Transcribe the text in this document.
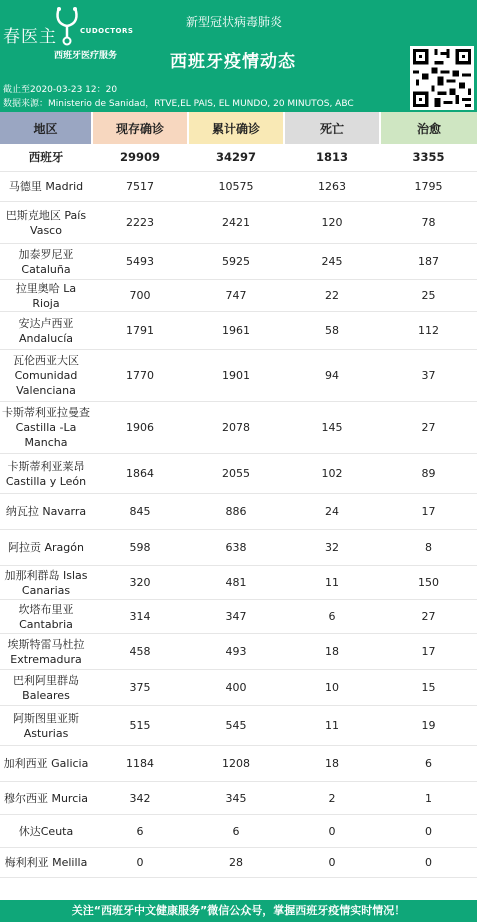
春医主	CUDOCTORS
西班牙医疗服务
新型冠状病毒肺炎
西班牙疫情动态
截止至2020-03-23 12：20
数据来源：Ministerio de Sanidad，RTVE,EL PAIS, EL MUNDO, 20 MINUTOS, ABC
地区	现存确诊	累计确诊	死亡	治愈
西班牙	29909	34297	1813	3355
马德里 Madrid	7517	10575	1263	1795
巴斯克地区 País Vasco	2223	2421	120	78
加泰罗尼亚 Cataluña	5493	5925	245	187
拉里奥哈 La Rioja	700	747	22	25
安达卢西亚 Andalucía	1791	1961	58	112
瓦伦西亚大区 Comunidad Valenciana	1770	1901	94	37
卡斯蒂利亚拉曼查 Castilla -La Mancha	1906	2078	145	27
卡斯蒂利亚莱昂 Castilla y León	1864	2055	102	89
纳瓦拉 Navarra	845	886	24	17
阿拉贡 Aragón	598	638	32	8
加那利群岛 Islas Canarias	320	481	11	150
坎塔布里亚 Cantabria	314	347	6	27
埃斯特雷马杜拉 Extremadura	458	493	18	17
巴利阿里群岛 Baleares	375	400	10	15
阿斯图里亚斯 Asturias	515	545	11	19
加利西亚 Galicia	1184	1208	18	6
穆尔西亚 Murcia	342	345	2	1
休达Ceuta	6	6	0	0
梅利利亚 Melilla	0	28	0	0
关注“西班牙中文健康服务”微信公众号，掌握西班牙疫情实时情况！
